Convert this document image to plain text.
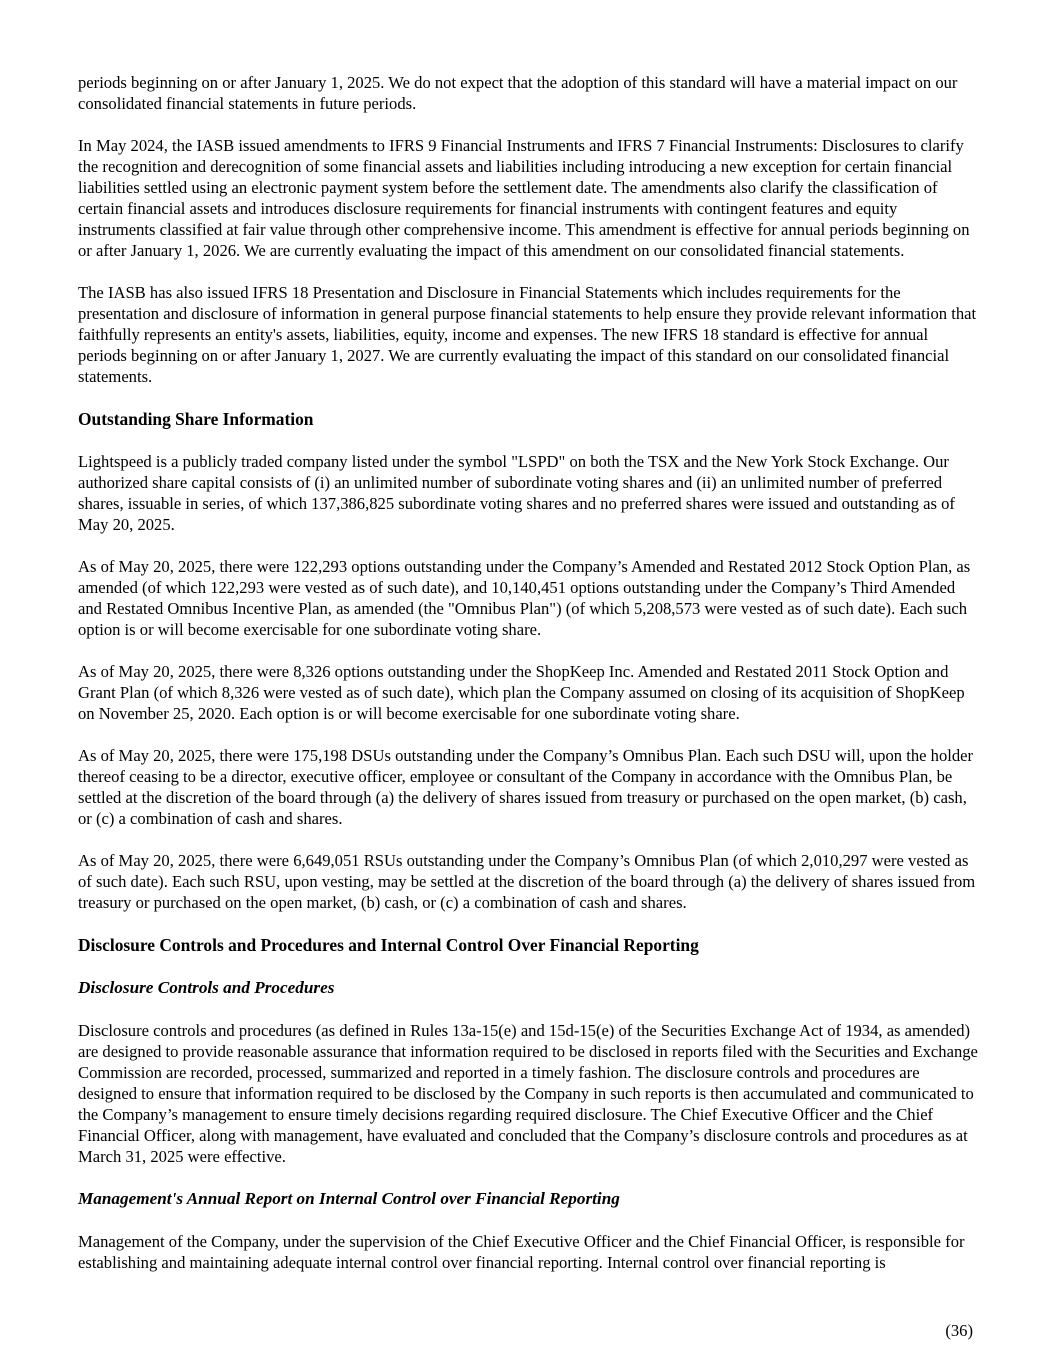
periods beginning on or after January 1, 2025. We do not expect that the adoption of this standard will have a material impact on our consolidated financial statements in future periods.

In May 2024, the IASB issued amendments to IFRS 9 Financial Instruments and IFRS 7 Financial Instruments: Disclosures to clarify the recognition and derecognition of some financial assets and liabilities including introducing a new exception for certain financial liabilities settled using an electronic payment system before the settlement date. The amendments also clarify the classification of certain financial assets and introduces disclosure requirements for financial instruments with contingent features and equity instruments classified at fair value through other comprehensive income. This amendment is effective for annual periods beginning on or after January 1, 2026. We are currently evaluating the impact of this amendment on our consolidated financial statements.

The IASB has also issued IFRS 18 Presentation and Disclosure in Financial Statements which includes requirements for the presentation and disclosure of information in general purpose financial statements to help ensure they provide relevant information that faithfully represents an entity's assets, liabilities, equity, income and expenses. The new IFRS 18 standard is effective for annual periods beginning on or after January 1, 2027. We are currently evaluating the impact of this standard on our consolidated financial statements.

Outstanding Share Information

Lightspeed is a publicly traded company listed under the symbol "LSPD" on both the TSX and the New York Stock Exchange. Our authorized share capital consists of (i) an unlimited number of subordinate voting shares and (ii) an unlimited number of preferred shares, issuable in series, of which 137,386,825 subordinate voting shares and no preferred shares were issued and outstanding as of May 20, 2025.

As of May 20, 2025, there were 122,293 options outstanding under the Company’s Amended and Restated 2012 Stock Option Plan, as amended (of which 122,293 were vested as of such date), and 10,140,451 options outstanding under the Company’s Third Amended and Restated Omnibus Incentive Plan, as amended (the "Omnibus Plan") (of which 5,208,573 were vested as of such date). Each such option is or will become exercisable for one subordinate voting share.

As of May 20, 2025, there were 8,326 options outstanding under the ShopKeep Inc. Amended and Restated 2011 Stock Option and Grant Plan (of which 8,326 were vested as of such date), which plan the Company assumed on closing of its acquisition of ShopKeep on November 25, 2020. Each option is or will become exercisable for one subordinate voting share.

As of May 20, 2025, there were 175,198 DSUs outstanding under the Company’s Omnibus Plan. Each such DSU will, upon the holder thereof ceasing to be a director, executive officer, employee or consultant of the Company in accordance with the Omnibus Plan, be settled at the discretion of the board through (a) the delivery of shares issued from treasury or purchased on the open market, (b) cash, or (c) a combination of cash and shares.

As of May 20, 2025, there were 6,649,051 RSUs outstanding under the Company’s Omnibus Plan (of which 2,010,297 were vested as of such date). Each such RSU, upon vesting, may be settled at the discretion of the board through (a) the delivery of shares issued from treasury or purchased on the open market, (b) cash, or (c) a combination of cash and shares.

Disclosure Controls and Procedures and Internal Control Over Financial Reporting
Disclosure Controls and Procedures

Disclosure controls and procedures (as defined in Rules 13a-15(e) and 15d-15(e) of the Securities Exchange Act of 1934, as amended) are designed to provide reasonable assurance that information required to be disclosed in reports filed with the Securities and Exchange Commission are recorded, processed, summarized and reported in a timely fashion. The disclosure controls and procedures are designed to ensure that information required to be disclosed by the Company in such reports is then accumulated and communicated to the Company’s management to ensure timely decisions regarding required disclosure. The Chief Executive Officer and the Chief Financial Officer, along with management, have evaluated and concluded that the Company’s disclosure controls and procedures as at March 31, 2025 were effective.

Management's Annual Report on Internal Control over Financial Reporting

Management of the Company, under the supervision of the Chief Executive Officer and the Chief Financial Officer, is responsible for establishing and maintaining adequate internal control over financial reporting. Internal control over financial reporting is

(36)
